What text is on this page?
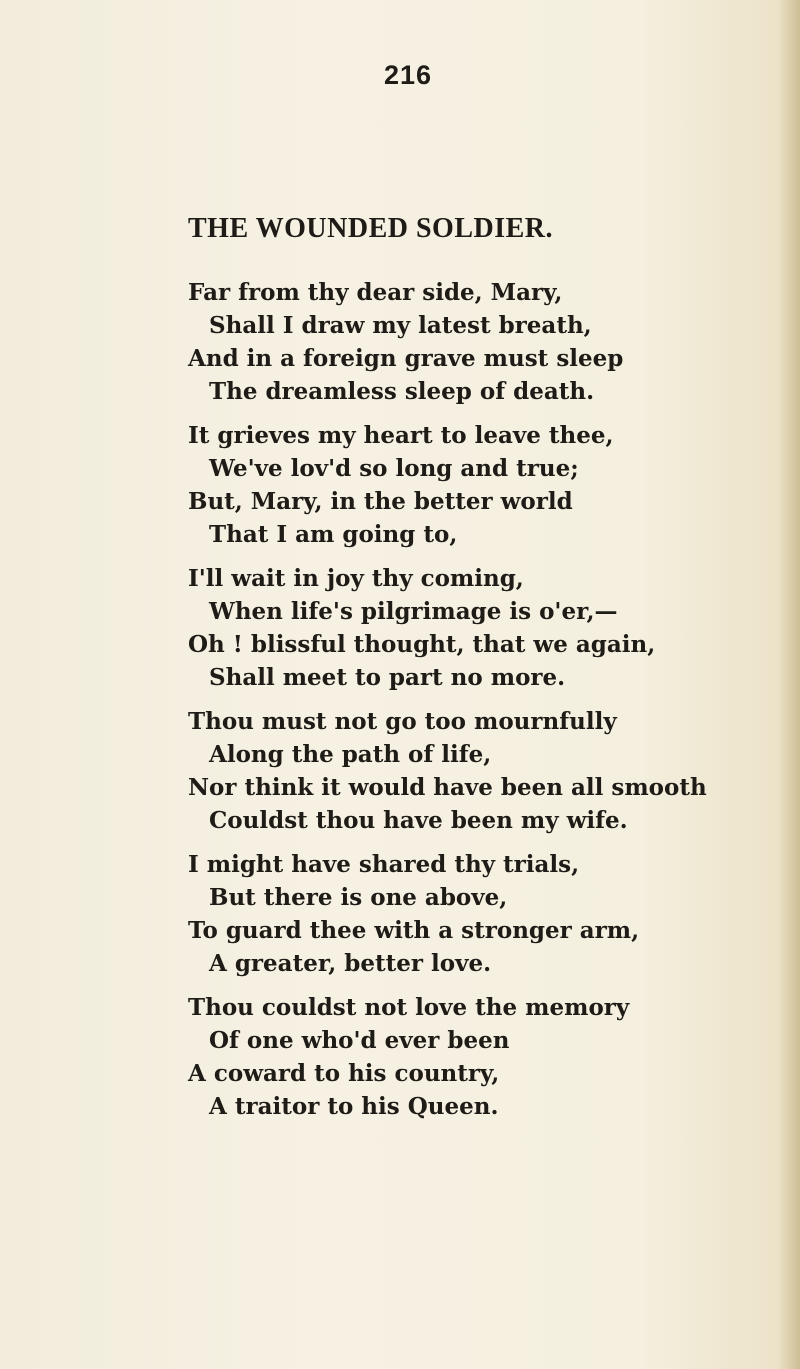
216
THE WOUNDED SOLDIER.
Far from thy dear side, Mary,
Shall I draw my latest breath,
And in a foreign grave must sleep
The dreamless sleep of death.
It grieves my heart to leave thee,
We've lov'd so long and true;
But, Mary, in the better world
That I am going to,
I'll wait in joy thy coming,
When life's pilgrimage is o'er,—
Oh ! blissful thought, that we again,
Shall meet to part no more.
Thou must not go too mournfully
Along the path of life,
Nor think it would have been all smooth
Couldst thou have been my wife.
I might have shared thy trials,
But there is one above,
To guard thee with a stronger arm,
A greater, better love.
Thou couldst not love the memory
Of one who'd ever been
A coward to his country,
A traitor to his Queen.
